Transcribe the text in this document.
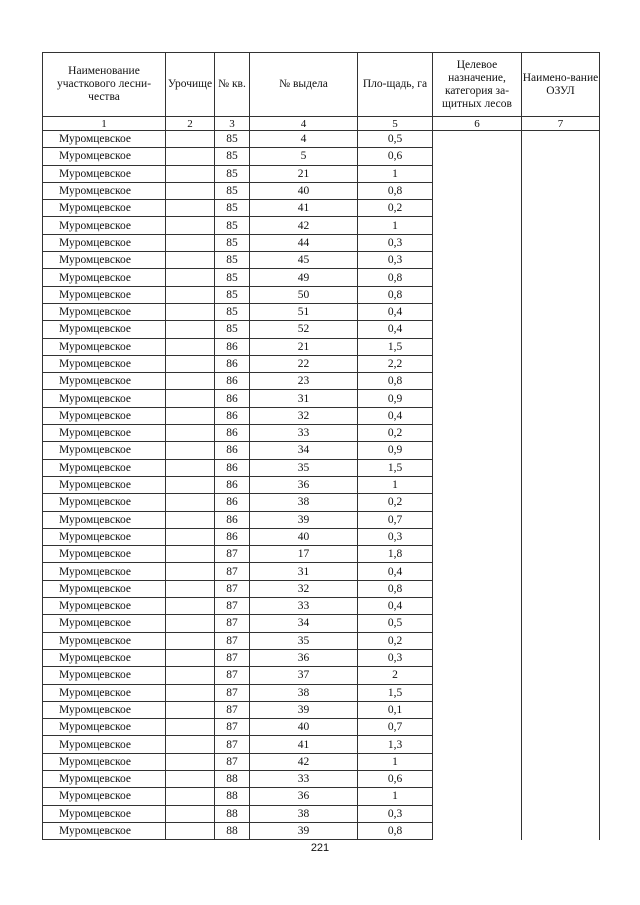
Наименование участкового лесни-чества	Урочище	№ кв.	№ выдела	Пло-щадь, га	Целевое назначение, категория за-щитных лесов	Наимено-вание ОЗУЛ
1	2	3	4	5	6	7
Муромцевское		85	4	0,5		
Муромцевское		85	5	0,6		
Муромцевское		85	21	1		
Муромцевское		85	40	0,8		
Муромцевское		85	41	0,2		
Муромцевское		85	42	1		
Муромцевское		85	44	0,3		
Муромцевское		85	45	0,3		
Муромцевское		85	49	0,8		
Муромцевское		85	50	0,8		
Муромцевское		85	51	0,4		
Муромцевское		85	52	0,4		
Муромцевское		86	21	1,5		
Муромцевское		86	22	2,2		
Муромцевское		86	23	0,8		
Муромцевское		86	31	0,9		
Муромцевское		86	32	0,4		
Муромцевское		86	33	0,2		
Муромцевское		86	34	0,9		
Муромцевское		86	35	1,5		
Муромцевское		86	36	1		
Муромцевское		86	38	0,2		
Муромцевское		86	39	0,7		
Муромцевское		86	40	0,3		
Муромцевское		87	17	1,8		
Муромцевское		87	31	0,4		
Муромцевское		87	32	0,8		
Муромцевское		87	33	0,4		
Муромцевское		87	34	0,5		
Муромцевское		87	35	0,2		
Муромцевское		87	36	0,3		
Муромцевское		87	37	2		
Муромцевское		87	38	1,5		
Муромцевское		87	39	0,1		
Муромцевское		87	40	0,7		
Муромцевское		87	41	1,3		
Муромцевское		87	42	1		
Муромцевское		88	33	0,6		
Муромцевское		88	36	1		
Муромцевское		88	38	0,3		
Муромцевское		88	39	0,8		
221
